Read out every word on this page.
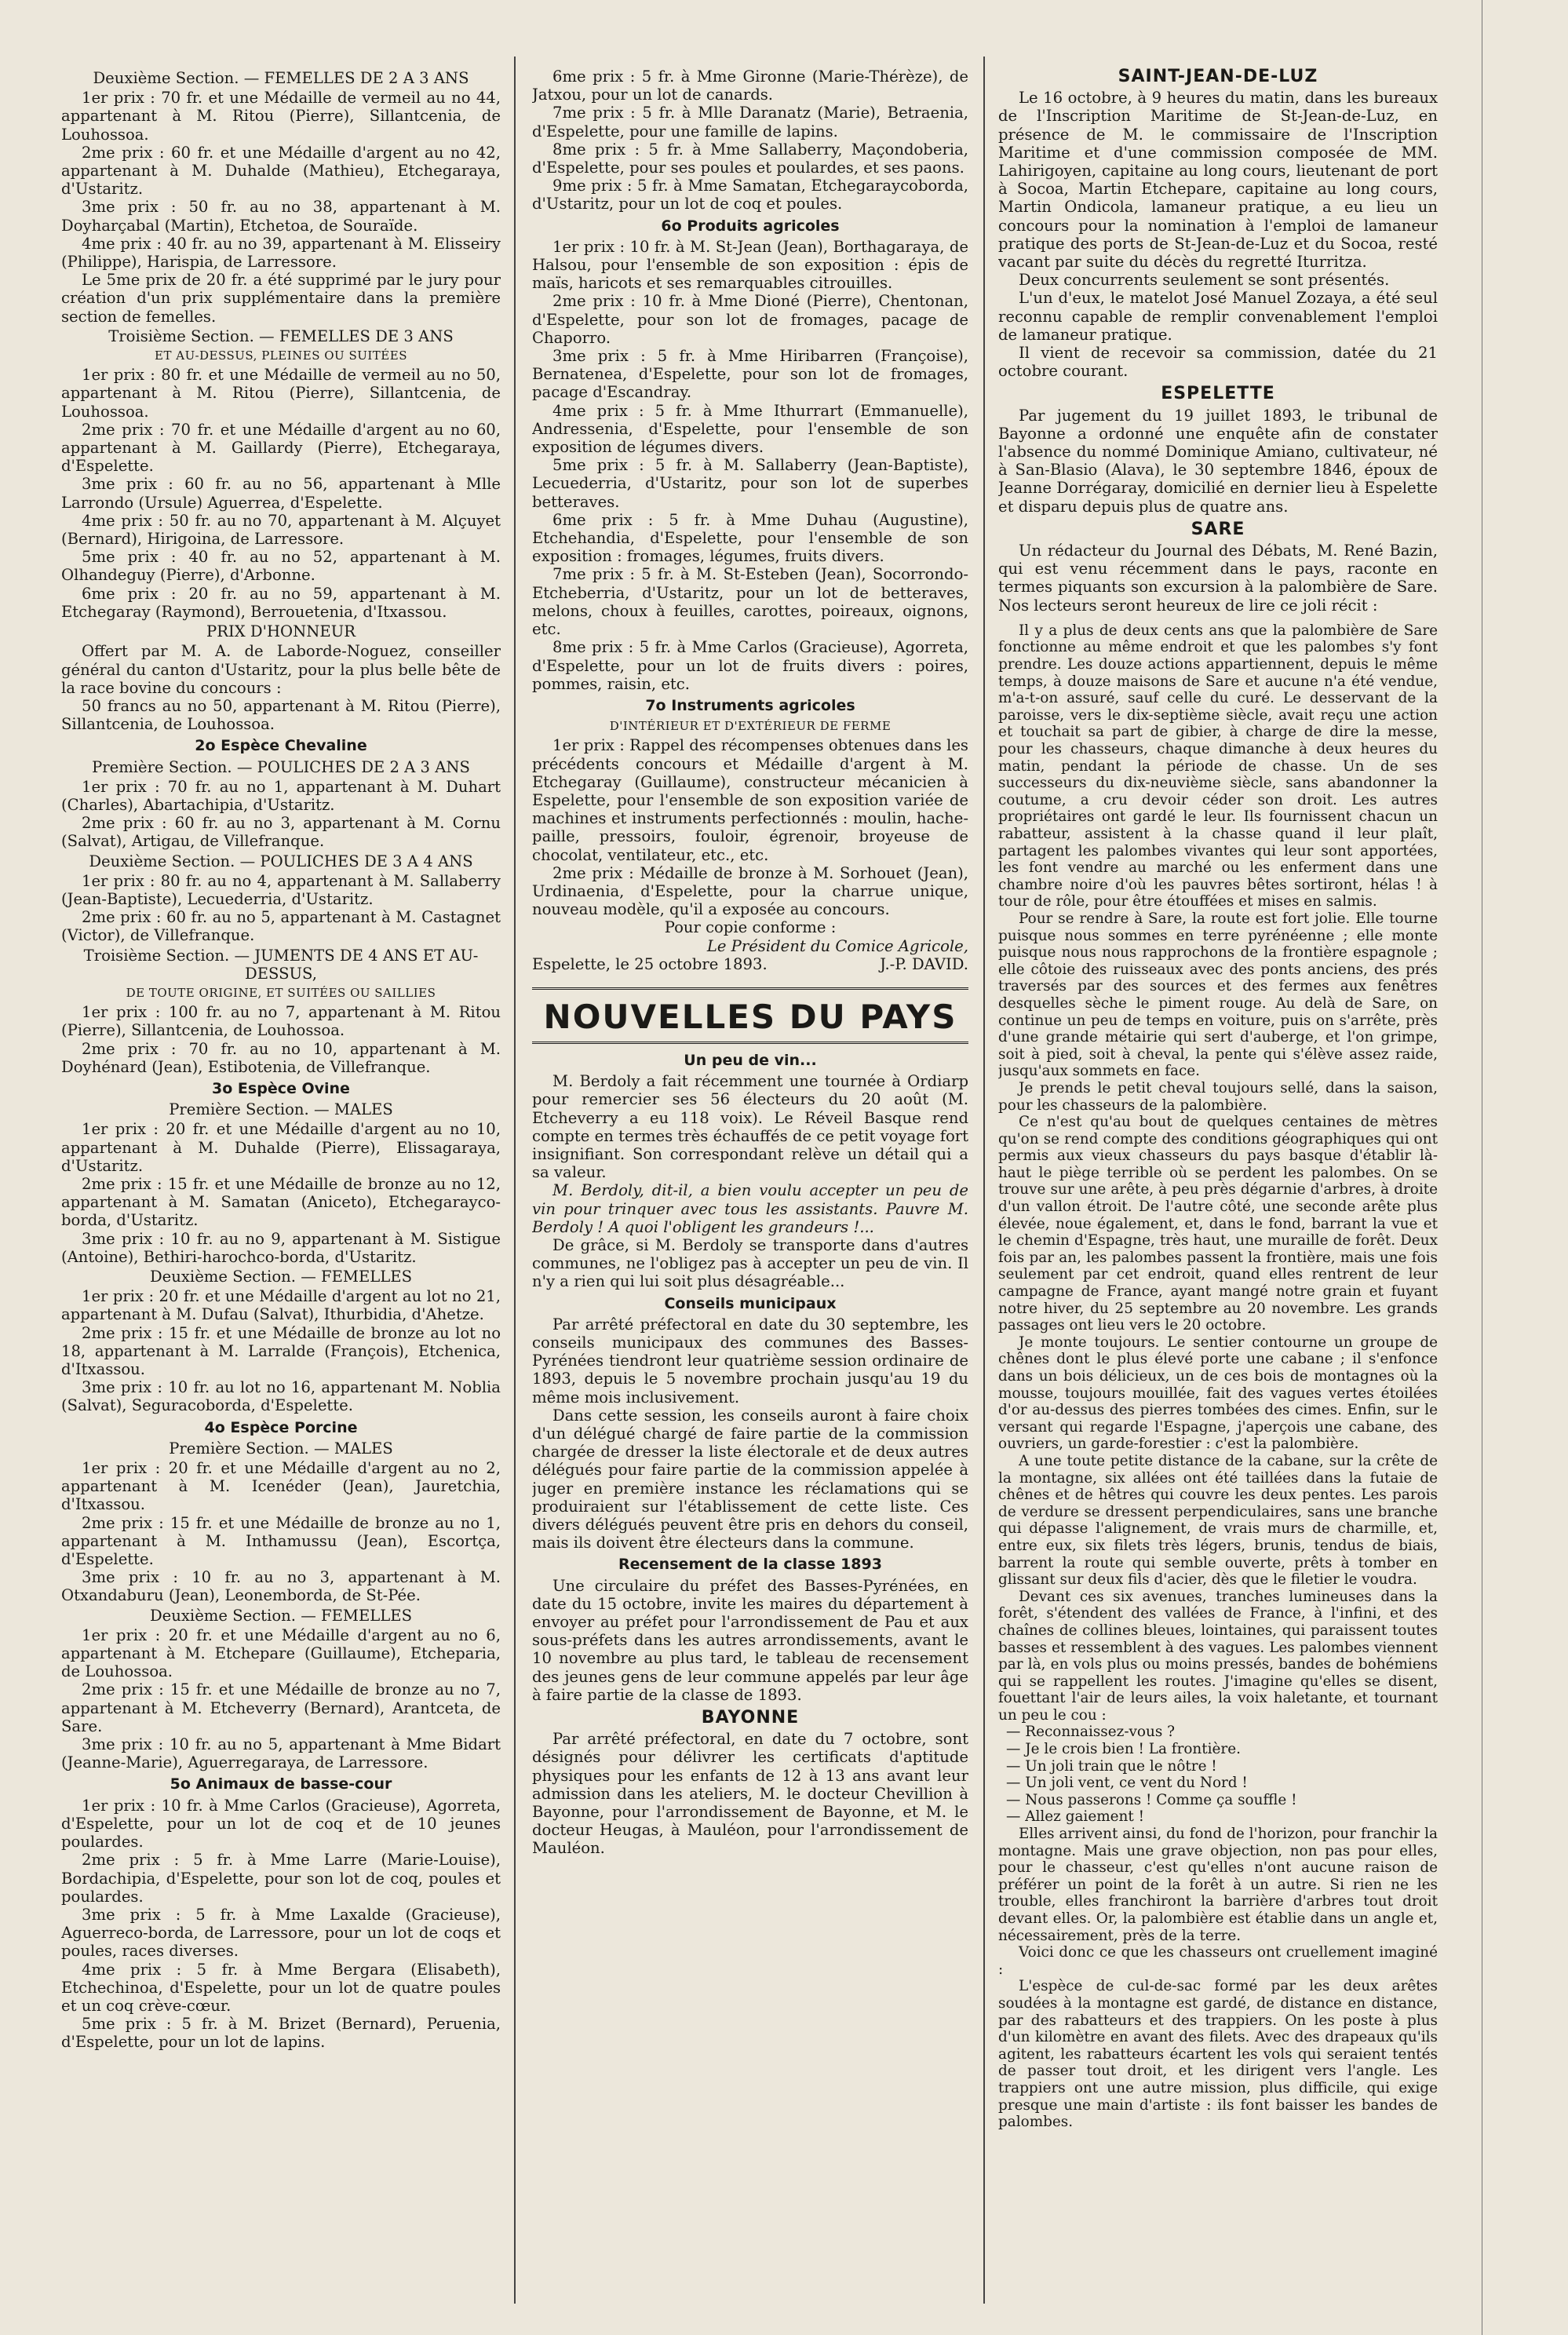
Deuxième Section. — FEMELLES DE 2 A 3 ANS

1er prix : 70 fr. et une Médaille de vermeil au no 44, appartenant à M. Ritou (Pierre), Sillantcenia, de Louhossoa.

2me prix : 60 fr. et une Médaille d'argent au no 42, appartenant à M. Duhalde (Mathieu), Etchegaraya, d'Ustaritz.

3me prix : 50 fr. au no 38, appartenant à M. Doyharçabal (Martin), Etchetoa, de Souraïde.

4me prix : 40 fr. au no 39, appartenant à M. Elisseiry (Philippe), Harispia, de Larressore.

Le 5me prix de 20 fr. a été supprimé par le jury pour création d'un prix supplémentaire dans la première section de femelles.

Troisième Section. — FEMELLES DE 3 ANS

ET AU-DESSUS, PLEINES OU SUITÉES

1er prix : 80 fr. et une Médaille de vermeil au no 50, appartenant à M. Ritou (Pierre), Sillantcenia, de Louhossoa.

2me prix : 70 fr. et une Médaille d'argent au no 60, appartenant à M. Gaillardy (Pierre), Etchegaraya, d'Espelette.

3me prix : 60 fr. au no 56, appartenant à Mlle Larrondo (Ursule) Aguerrea, d'Espelette.

4me prix : 50 fr. au no 70, appartenant à M. Alçuyet (Bernard), Hirigoina, de Larressore.

5me prix : 40 fr. au no 52, appartenant à M. Olhandeguy (Pierre), d'Arbonne.

6me prix : 20 fr. au no 59, appartenant à M. Etchegaray (Raymond), Berrouetenia, d'Itxassou.

PRIX D'HONNEUR

Offert par M. A. de Laborde-Noguez, conseiller général du canton d'Ustaritz, pour la plus belle bête de la race bovine du concours :

50 francs au no 50, appartenant à M. Ritou (Pierre), Sillantcenia, de Louhossoa.

2o Espèce Chevaline

Première Section. — POULICHES DE 2 A 3 ANS

1er prix : 70 fr. au no 1, appartenant à M. Duhart (Charles), Abartachipia, d'Ustaritz.

2me prix : 60 fr. au no 3, appartenant à M. Cornu (Salvat), Artigau, de Villefranque.

Deuxième Section. — POULICHES DE 3 A 4 ANS

1er prix : 80 fr. au no 4, appartenant à M. Sallaberry (Jean-Baptiste), Lecuederria, d'Ustaritz.

2me prix : 60 fr. au no 5, appartenant à M. Castagnet (Victor), de Villefranque.

Troisième Section. — JUMENTS DE 4 ANS ET AU-DESSUS,

DE TOUTE ORIGINE, ET SUITÉES OU SAILLIES

1er prix : 100 fr. au no 7, appartenant à M. Ritou (Pierre), Sillantcenia, de Louhossoa.

2me prix : 70 fr. au no 10, appartenant à M. Doyhénard (Jean), Estibotenia, de Villefranque.

3o Espèce Ovine

Première Section. — MALES

1er prix : 20 fr. et une Médaille d'argent au no 10, appartenant à M. Duhalde (Pierre), Elissagaraya, d'Ustaritz.

2me prix : 15 fr. et une Médaille de bronze au no 12, appartenant à M. Samatan (Aniceto), Etchegarayco-borda, d'Ustaritz.

3me prix : 10 fr. au no 9, appartenant à M. Sistigue (Antoine), Bethiri-harochco-borda, d'Ustaritz.

Deuxième Section. — FEMELLES

1er prix : 20 fr. et une Médaille d'argent au lot no 21, appartenant à M. Dufau (Salvat), Ithurbidia, d'Ahetze.

2me prix : 15 fr. et une Médaille de bronze au lot no 18, appartenant à M. Larralde (François), Etchenica, d'Itxassou.

3me prix : 10 fr. au lot no 16, appartenant M. Noblia (Salvat), Seguracoborda, d'Espelette.

4o Espèce Porcine

Première Section. — MALES

1er prix : 20 fr. et une Médaille d'argent au no 2, appartenant à M. Icenéder (Jean), Jauretchia, d'Itxassou.

2me prix : 15 fr. et une Médaille de bronze au no 1, appartenant à M. Inthamussu (Jean), Escortça, d'Espelette.

3me prix : 10 fr. au no 3, appartenant à M. Otxandaburu (Jean), Leonemborda, de St-Pée.

Deuxième Section. — FEMELLES

1er prix : 20 fr. et une Médaille d'argent au no 6, appartenant à M. Etchepare (Guillaume), Etcheparia, de Louhossoa.

2me prix : 15 fr. et une Médaille de bronze au no 7, appartenant à M. Etcheverry (Bernard), Arantceta, de Sare.

3me prix : 10 fr. au no 5, appartenant à Mme Bidart (Jeanne-Marie), Aguerregaraya, de Larressore.

5o Animaux de basse-cour

1er prix : 10 fr. à Mme Carlos (Gracieuse), Agorreta, d'Espelette, pour un lot de coq et de 10 jeunes poulardes.

2me prix : 5 fr. à Mme Larre (Marie-Louise), Bordachipia, d'Espelette, pour son lot de coq, poules et poulardes.

3me prix : 5 fr. à Mme Laxalde (Gracieuse), Aguerreco-borda, de Larressore, pour un lot de coqs et poules, races diverses.

4me prix : 5 fr. à Mme Bergara (Elisabeth), Etchechinoa, d'Espelette, pour un lot de quatre poules et un coq crève-cœur.

5me prix : 5 fr. à M. Brizet (Bernard), Peruenia, d'Espelette, pour un lot de lapins.

6me prix : 5 fr. à Mme Gironne (Marie-Thérèze), de Jatxou, pour un lot de canards.

7me prix : 5 fr. à Mlle Daranatz (Marie), Betraenia, d'Espelette, pour une famille de lapins.

8me prix : 5 fr. à Mme Sallaberry, Maçondoberia, d'Espelette, pour ses poules et poulardes, et ses paons.

9me prix : 5 fr. à Mme Samatan, Etchegaraycoborda, d'Ustaritz, pour un lot de coq et poules.

6o Produits agricoles

1er prix : 10 fr. à M. St-Jean (Jean), Borthagaraya, de Halsou, pour l'ensemble de son exposition : épis de maïs, haricots et ses remarquables citrouilles.

2me prix : 10 fr. à Mme Dioné (Pierre), Chentonan, d'Espelette, pour son lot de fromages, pacage de Chaporro.

3me prix : 5 fr. à Mme Hiribarren (Françoise), Bernatenea, d'Espelette, pour son lot de fromages, pacage d'Escandray.

4me prix : 5 fr. à Mme Ithurrart (Emmanuelle), Andressenia, d'Espelette, pour l'ensemble de son exposition de légumes divers.

5me prix : 5 fr. à M. Sallaberry (Jean-Baptiste), Lecuederria, d'Ustaritz, pour son lot de superbes betteraves.

6me prix : 5 fr. à Mme Duhau (Augustine), Etchehandia, d'Espelette, pour l'ensemble de son exposition : fromages, légumes, fruits divers.

7me prix : 5 fr. à M. St-Esteben (Jean), Socorrondo-Etcheberria, d'Ustaritz, pour un lot de betteraves, melons, choux à feuilles, carottes, poireaux, oignons, etc.

8me prix : 5 fr. à Mme Carlos (Gracieuse), Agorreta, d'Espelette, pour un lot de fruits divers : poires, pommes, raisin, etc.

7o Instruments agricoles

D'INTÉRIEUR ET D'EXTÉRIEUR DE FERME

1er prix : Rappel des récompenses obtenues dans les précédents concours et Médaille d'argent à M. Etchegaray (Guillaume), constructeur mécanicien à Espelette, pour l'ensemble de son exposition variée de machines et instruments perfectionnés : moulin, hache-paille, pressoirs, fouloir, égrenoir, broyeuse de chocolat, ventilateur, etc., etc.

2me prix : Médaille de bronze à M. Sorhouet (Jean), Urdinaenia, d'Espelette, pour la charrue unique, nouveau modèle, qu'il a exposée au concours.

Pour copie conforme :

Le Président du Comice Agricole,

Espelette, le 25 octobre 1893.	J.-P. DAVID.
NOUVELLES DU PAYS

Un peu de vin...

M. Berdoly a fait récemment une tournée à Ordiarp pour remercier ses 56 électeurs du 20 août (M. Etcheverry a eu 118 voix). Le Réveil Basque rend compte en termes très échauffés de ce petit voyage fort insignifiant. Son correspondant relève un détail qui a sa valeur.

M. Berdoly, dit-il, a bien voulu accepter un peu de vin pour trinquer avec tous les assistants. Pauvre M. Berdoly ! A quoi l'obligent les grandeurs !...

De grâce, si M. Berdoly se transporte dans d'autres communes, ne l'obligez pas à accepter un peu de vin. Il n'y a rien qui lui soit plus désagréable...

Conseils municipaux

Par arrêté préfectoral en date du 30 septembre, les conseils municipaux des communes des Basses-Pyrénées tiendront leur quatrième session ordinaire de 1893, depuis le 5 novembre prochain jusqu'au 19 du même mois inclusivement.

Dans cette session, les conseils auront à faire choix d'un délégué chargé de faire partie de la commission chargée de dresser la liste électorale et de deux autres délégués pour faire partie de la commission appelée à juger en première instance les réclamations qui se produiraient sur l'établissement de cette liste. Ces divers délégués peuvent être pris en dehors du conseil, mais ils doivent être électeurs dans la commune.

Recensement de la classe 1893

Une circulaire du préfet des Basses-Pyrénées, en date du 15 octobre, invite les maires du département à envoyer au préfet pour l'arrondissement de Pau et aux sous-préfets dans les autres arrondissements, avant le 10 novembre au plus tard, le tableau de recensement des jeunes gens de leur commune appelés par leur âge à faire partie de la classe de 1893.

BAYONNE

Par arrêté préfectoral, en date du 7 octobre, sont désignés pour délivrer les certificats d'aptitude physiques pour les enfants de 12 à 13 ans avant leur admission dans les ateliers, M. le docteur Chevillion à Bayonne, pour l'arrondissement de Bayonne, et M. le docteur Heugas, à Mauléon, pour l'arrondissement de Mauléon.

SAINT-JEAN-DE-LUZ

Le 16 octobre, à 9 heures du matin, dans les bureaux de l'Inscription Maritime de St-Jean-de-Luz, en présence de M. le commissaire de l'Inscription Maritime et d'une commission composée de MM. Lahirigoyen, capitaine au long cours, lieutenant de port à Socoa, Martin Etchepare, capitaine au long cours, Martin Ondicola, lamaneur pratique, a eu lieu un concours pour la nomination à l'emploi de lamaneur pratique des ports de St-Jean-de-Luz et du Socoa, resté vacant par suite du décès du regretté Iturritza.

Deux concurrents seulement se sont présentés.

L'un d'eux, le matelot José Manuel Zozaya, a été seul reconnu capable de remplir convenablement l'emploi de lamaneur pratique.

Il vient de recevoir sa commission, datée du 21 octobre courant.

ESPELETTE

Par jugement du 19 juillet 1893, le tribunal de Bayonne a ordonné une enquête afin de constater l'absence du nommé Dominique Amiano, cultivateur, né à San-Blasio (Alava), le 30 septembre 1846, époux de Jeanne Dorrégaray, domicilié en dernier lieu à Espelette et disparu depuis plus de quatre ans.

SARE

Un rédacteur du Journal des Débats, M. René Bazin, qui est venu récemment dans le pays, raconte en termes piquants son excursion à la palombière de Sare. Nos lecteurs seront heureux de lire ce joli récit :

Il y a plus de deux cents ans que la palombière de Sare fonctionne au même endroit et que les palombes s'y font prendre. Les douze actions appartiennent, depuis le même temps, à douze maisons de Sare et aucune n'a été vendue, m'a-t-on assuré, sauf celle du curé. Le desservant de la paroisse, vers le dix-septième siècle, avait reçu une action et touchait sa part de gibier, à charge de dire la messe, pour les chasseurs, chaque dimanche à deux heures du matin, pendant la période de chasse. Un de ses successeurs du dix-neuvième siècle, sans abandonner la coutume, a cru devoir céder son droit. Les autres propriétaires ont gardé le leur. Ils fournissent chacun un rabatteur, assistent à la chasse quand il leur plaît, partagent les palombes vivantes qui leur sont apportées, les font vendre au marché ou les enferment dans une chambre noire d'où les pauvres bêtes sortiront, hélas ! à tour de rôle, pour être étouffées et mises en salmis.

Pour se rendre à Sare, la route est fort jolie. Elle tourne puisque nous sommes en terre pyrénéenne ; elle monte puisque nous nous rapprochons de la frontière espagnole ; elle côtoie des ruisseaux avec des ponts anciens, des prés traversés par des sources et des fermes aux fenêtres desquelles sèche le piment rouge. Au delà de Sare, on continue un peu de temps en voiture, puis on s'arrête, près d'une grande métairie qui sert d'auberge, et l'on grimpe, soit à pied, soit à cheval, la pente qui s'élève assez raide, jusqu'aux sommets en face.

Je prends le petit cheval toujours sellé, dans la saison, pour les chasseurs de la palombière.

Ce n'est qu'au bout de quelques centaines de mètres qu'on se rend compte des conditions géographiques qui ont permis aux vieux chasseurs du pays basque d'établir là-haut le piège terrible où se perdent les palombes. On se trouve sur une arête, à peu près dégarnie d'arbres, à droite d'un vallon étroit. De l'autre côté, une seconde arête plus élevée, noue également, et, dans le fond, barrant la vue et le chemin d'Espagne, très haut, une muraille de forêt. Deux fois par an, les palombes passent la frontière, mais une fois seulement par cet endroit, quand elles rentrent de leur campagne de France, ayant mangé notre grain et fuyant notre hiver, du 25 septembre au 20 novembre. Les grands passages ont lieu vers le 20 octobre.

Je monte toujours. Le sentier contourne un groupe de chênes dont le plus élevé porte une cabane ; il s'enfonce dans un bois délicieux, un de ces bois de montagnes où la mousse, toujours mouillée, fait des vagues vertes étoilées d'or au-dessus des pierres tombées des cimes. Enfin, sur le versant qui regarde l'Espagne, j'aperçois une cabane, des ouvriers, un garde-forestier : c'est la palombière.

A une toute petite distance de la cabane, sur la crête de la montagne, six allées ont été taillées dans la futaie de chênes et de hêtres qui couvre les deux pentes. Les parois de verdure se dressent perpendiculaires, sans une branche qui dépasse l'alignement, de vrais murs de charmille, et, entre eux, six filets très légers, brunis, tendus de biais, barrent la route qui semble ouverte, prêts à tomber en glissant sur deux fils d'acier, dès que le filetier le voudra.

Devant ces six avenues, tranches lumineuses dans la forêt, s'étendent des vallées de France, à l'infini, et des chaînes de collines bleues, lointaines, qui paraissent toutes basses et ressemblent à des vagues. Les palombes viennent par là, en vols plus ou moins pressés, bandes de bohémiens qui se rappellent les routes. J'imagine qu'elles se disent, fouettant l'air de leurs ailes, la voix haletante, et tournant un peu le cou :

— Reconnaissez-vous ?

— Je le crois bien ! La frontière.

— Un joli train que le nôtre !

— Un joli vent, ce vent du Nord !

— Nous passerons ! Comme ça souffle !

— Allez gaiement !

Elles arrivent ainsi, du fond de l'horizon, pour franchir la montagne. Mais une grave objection, non pas pour elles, pour le chasseur, c'est qu'elles n'ont aucune raison de préférer un point de la forêt à un autre. Si rien ne les trouble, elles franchiront la barrière d'arbres tout droit devant elles. Or, la palombière est établie dans un angle et, nécessairement, près de la terre.

Voici donc ce que les chasseurs ont cruellement imaginé :

L'espèce de cul-de-sac formé par les deux arêtes soudées à la montagne est gardé, de distance en distance, par des rabatteurs et des trappiers. On les poste à plus d'un kilomètre en avant des filets. Avec des drapeaux qu'ils agitent, les rabatteurs écartent les vols qui seraient tentés de passer tout droit, et les dirigent vers l'angle. Les trappiers ont une autre mission, plus difficile, qui exige presque une main d'artiste : ils font baisser les bandes de palombes.
